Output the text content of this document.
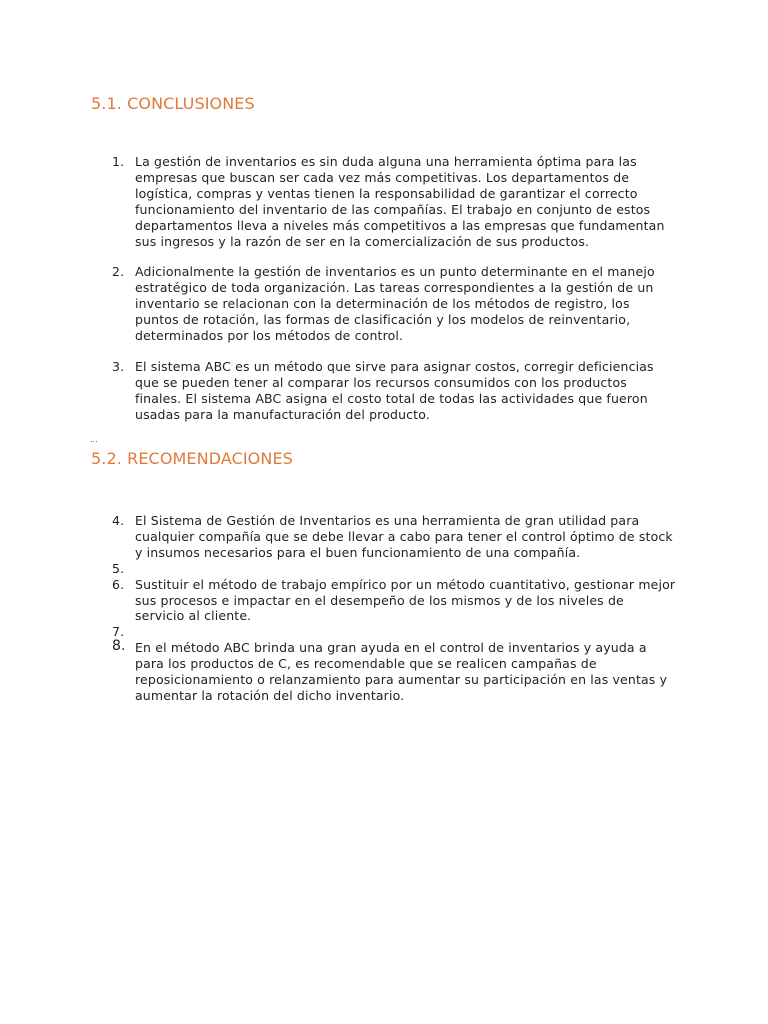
5.1. CONCLUSIONES
1. La gestión de inventarios es sin duda alguna una herramienta óptima para las empresas que buscan ser cada vez más competitivas. Los departamentos de logística, compras y ventas tienen la responsabilidad de garantizar el correcto funcionamiento del inventario de las compañías. El trabajo en conjunto de estos departamentos lleva a niveles más competitivos a las empresas que fundamentan sus ingresos y la razón de ser en la comercialización de sus productos.
2. Adicionalmente la gestión de inventarios es un punto determinante en el manejo estratégico de toda organización. Las tareas correspondientes a la gestión de un inventario se relacionan con la determinación de los métodos de registro, los puntos de rotación, las formas de clasificación y los modelos de reinventario, determinados por los métodos de control.
3. El sistema ABC es un método que sirve para asignar costos, corregir deficiencias que se pueden tener al comparar los recursos consumidos con los productos finales. El sistema ABC asigna el costo total de todas las actividades que fueron usadas para la manufacturación del producto.
...
5.2. RECOMENDACIONES
4. El Sistema de Gestión de Inventarios es una herramienta de gran utilidad para cualquier compañía que se debe llevar a cabo para tener el control óptimo de stock y insumos necesarios para el buen funcionamiento de una compañía.
5.
6. Sustituir el método de trabajo empírico por un método cuantitativo, gestionar mejor sus procesos e impactar en el desempeño de los mismos y de los niveles de servicio al cliente.
7.
8. En el método ABC brinda una gran ayuda en el control de inventarios y ayuda a para los productos de C, es recomendable que se realicen campañas de reposicionamiento o relanzamiento para aumentar su participación en las ventas y aumentar la rotación del dicho inventario.
